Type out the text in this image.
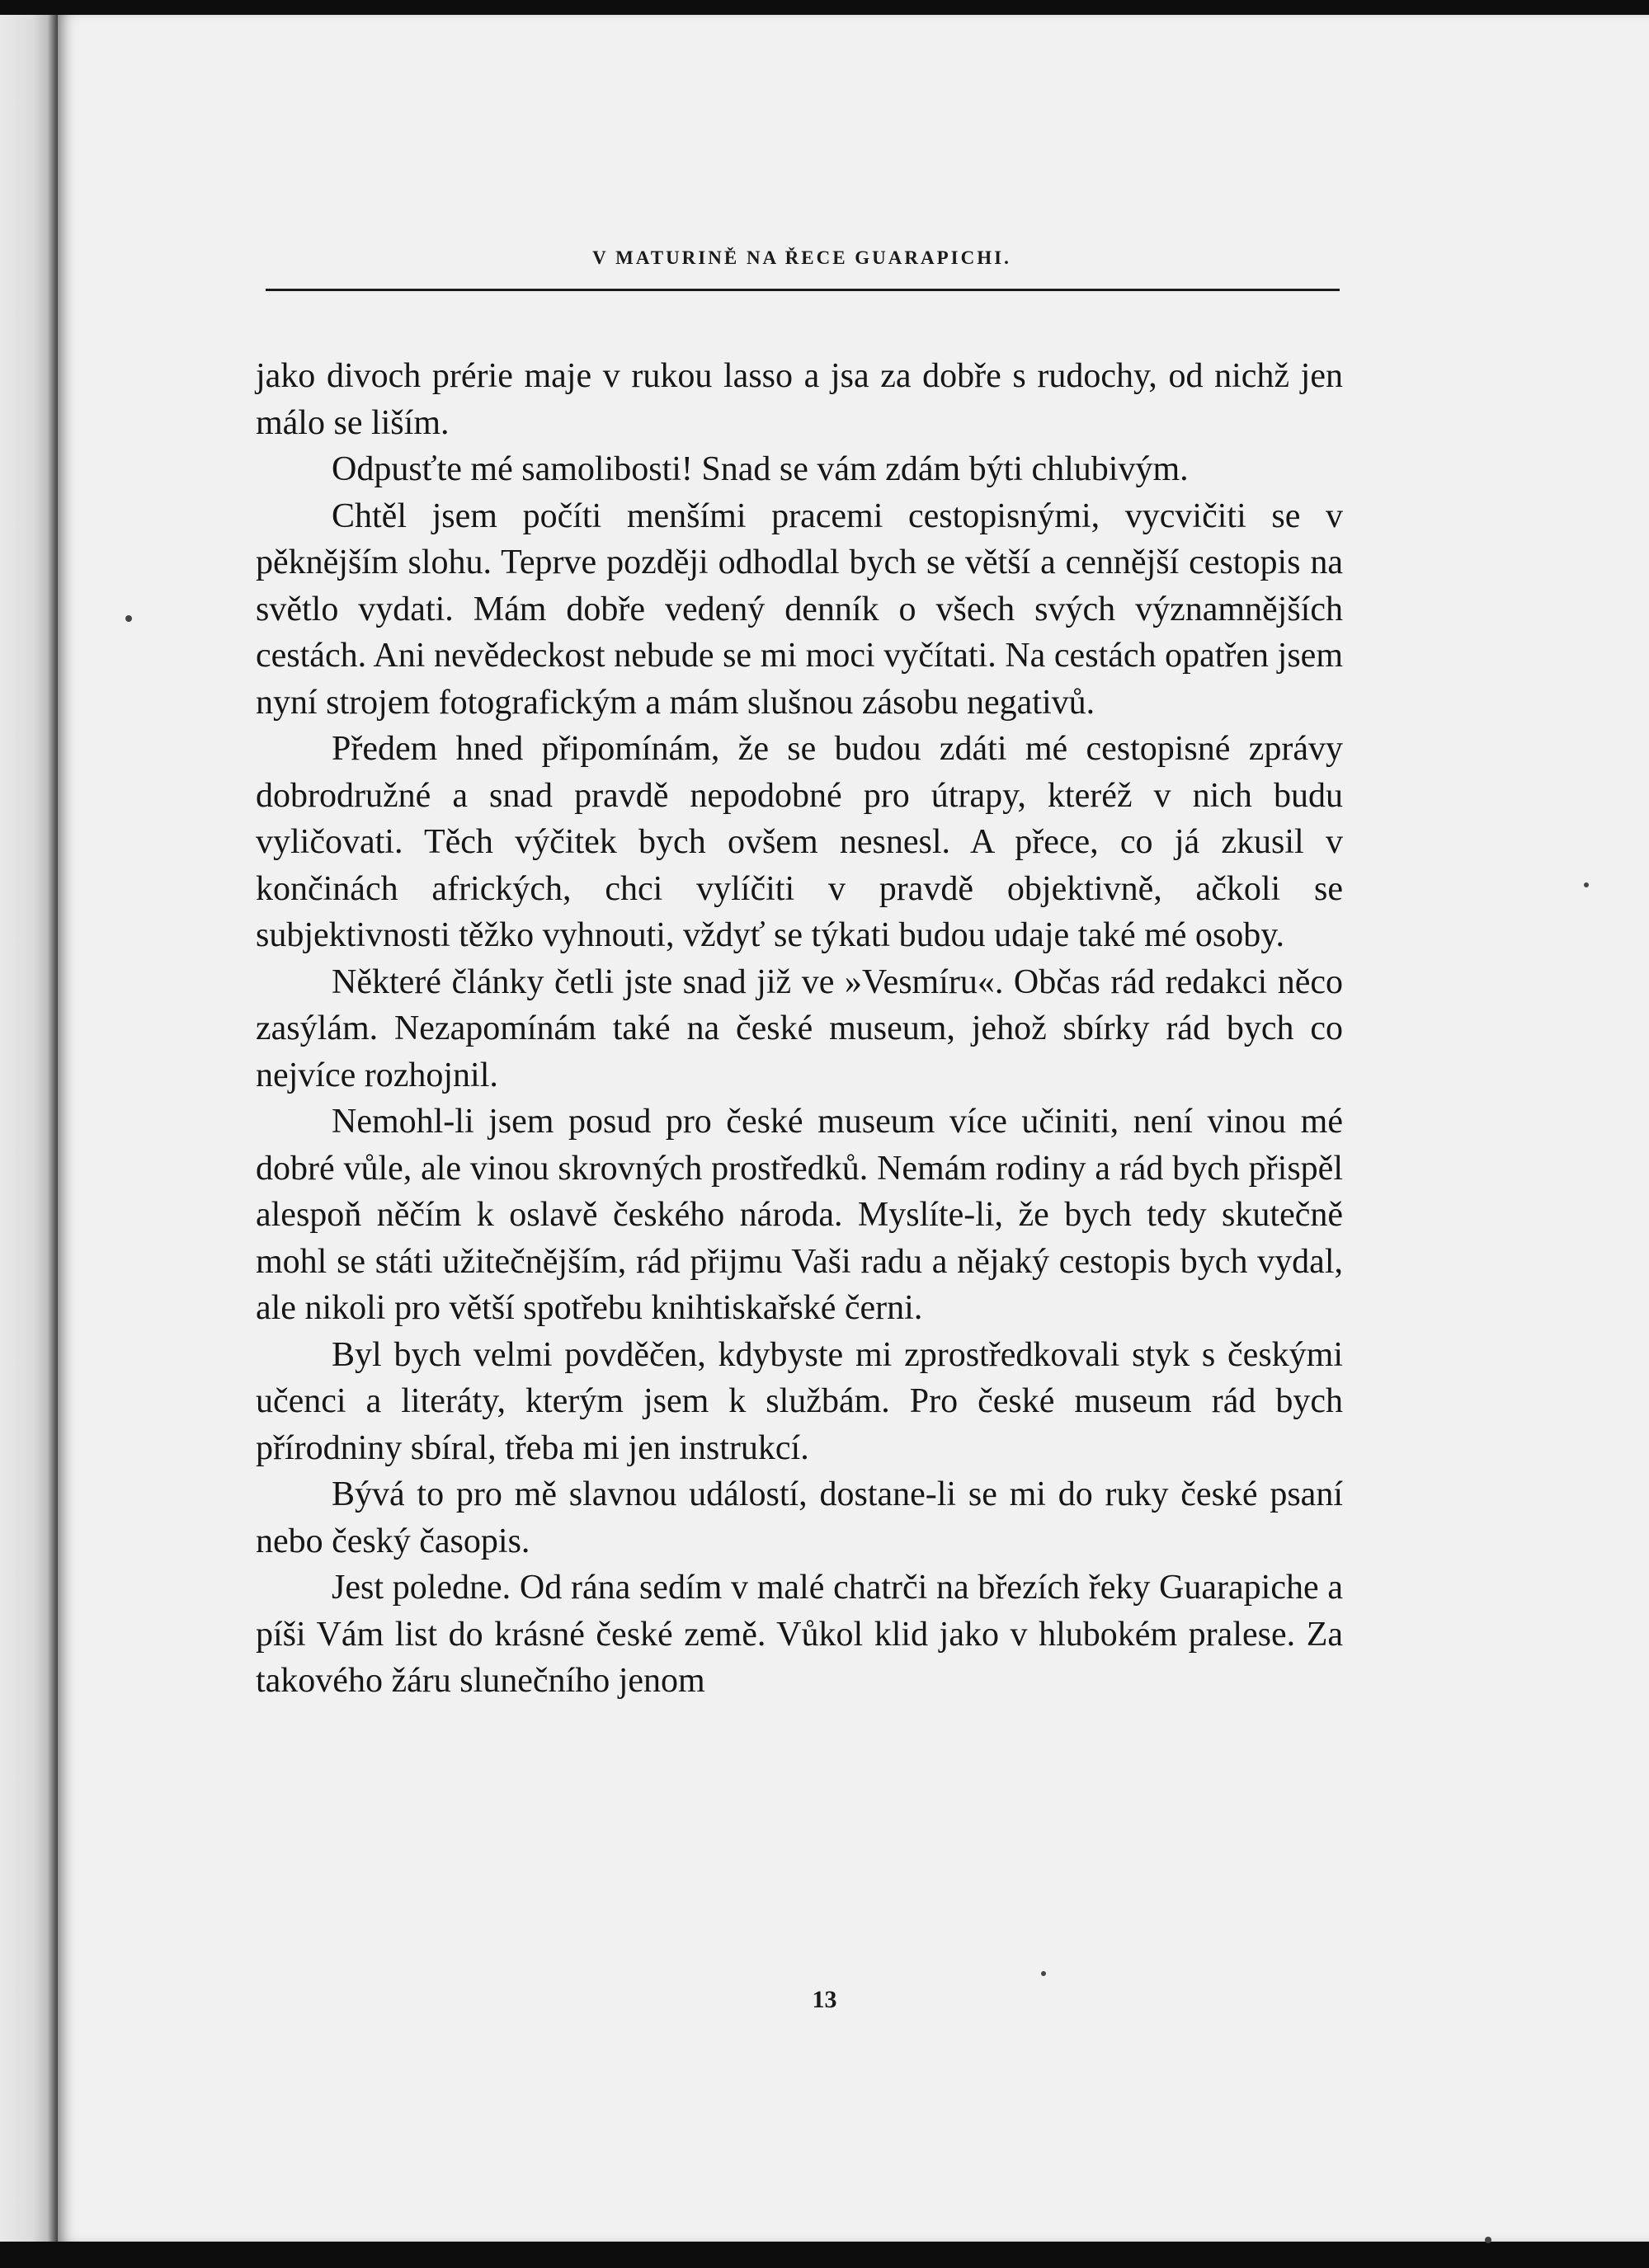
V MATURINĚ NA ŘECE GUARAPICHI.

jako divoch prérie maje v rukou lasso a jsa za dobře s rudochy, od nichž jen málo se liším.

Odpusťte mé samolibosti! Snad se vám zdám býti chlubivým.

Chtěl jsem počíti menšími pracemi cestopisnými, vycvičiti se v pěknějším slohu. Teprve později odhodlal bych se větší a cennější cestopis na světlo vydati. Mám dobře vedený denník o všech svých významnějších cestách. Ani nevědeckost nebude se mi moci vyčítati. Na cestách opatřen jsem nyní strojem fotografickým a mám slušnou zásobu negativů.

Předem hned připomínám, že se budou zdáti mé cestopisné zprávy dobrodružné a snad pravdě nepodobné pro útrapy, kteréž v nich budu vyličovati. Těch výčitek bych ovšem nesnesl. A přece, co já zkusil v končinách afrických, chci vylíčiti v pravdě objektivně, ačkoli se subjektivnosti těžko vyhnouti, vždyť se týkati budou udaje také mé osoby.

Některé články četli jste snad již ve »Vesmíru«. Občas rád redakci něco zasýlám. Nezapomínám také na české museum, jehož sbírky rád bych co nejvíce rozhojnil.

Nemohl-li jsem posud pro české museum více učiniti, není vinou mé dobré vůle, ale vinou skrovných prostředků. Nemám rodiny a rád bych přispěl alespoň něčím k oslavě českého národa. Myslíte-li, že bych tedy skutečně mohl se státi užitečnějším, rád přijmu Vaši radu a nějaký cestopis bych vydal, ale nikoli pro větší spotřebu knihtiskařské černi.

Byl bych velmi povděčen, kdybyste mi zprostředkovali styk s českými učenci a literáty, kterým jsem k službám. Pro české museum rád bych přírodniny sbíral, třeba mi jen instrukcí.

Bývá to pro mě slavnou událostí, dostane-li se mi do ruky české psaní nebo český časopis.

Jest poledne. Od rána sedím v malé chatrči na březích řeky Guarapiche a píši Vám list do krásné české země. Vůkol klid jako v hlubokém pralese. Za takového žáru slunečního jenom

13
